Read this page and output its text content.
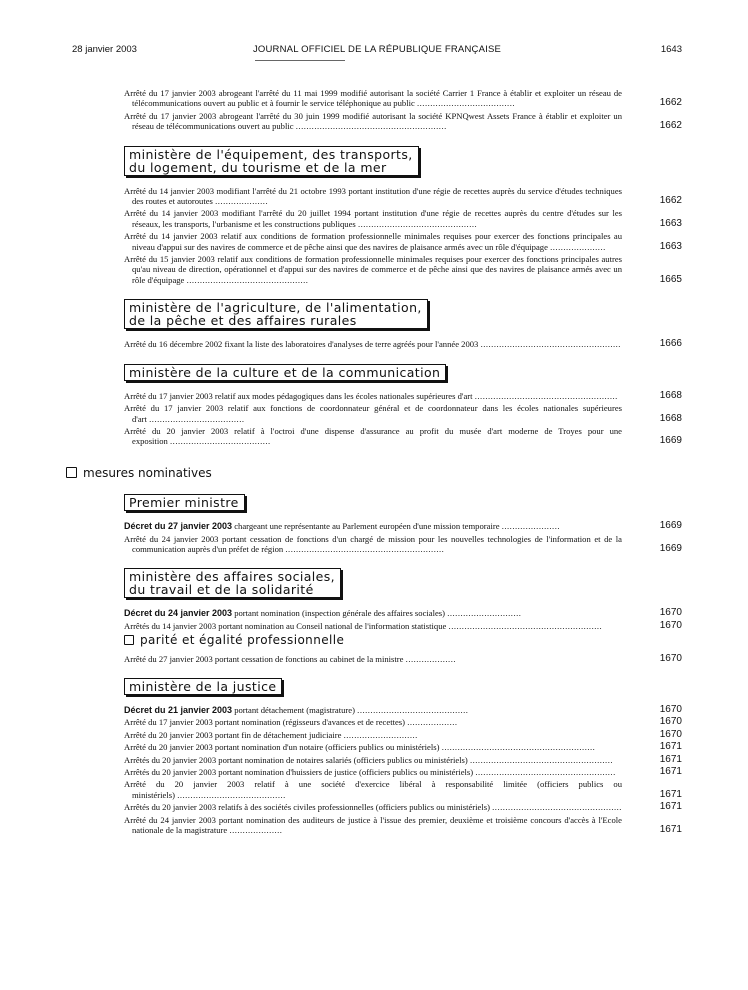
28 janvier 2003	JOURNAL OFFICIEL DE LA RÉPUBLIQUE FRANÇAISE	1643
Arrêté du 17 janvier 2003 abrogeant l'arrêté du 11 mai 1999 modifié autorisant la société Carrier 1 France à établir et exploiter un réseau de télécommunications ouvert au public et à fournir le service téléphonique au public .....................................	1662
Arrêté du 17 janvier 2003 abrogeant l'arrêté du 30 juin 1999 modifié autorisant la société KPNQwest Assets France à établir et exploiter un réseau de télécommunications ouvert au public .........................................................	1662
ministère de l'équipement, des transports,
du logement, du tourisme et de la mer
Arrêté du 14 janvier 2003 modifiant l'arrêté du 21 octobre 1993 portant institution d'une régie de recettes auprès du service d'études techniques des routes et autoroutes ....................	1662
Arrêté du 14 janvier 2003 modifiant l'arrêté du 20 juillet 1994 portant institution d'une régie de recettes auprès du centre d'études sur les réseaux, les transports, l'urbanisme et les constructions publiques .............................................	1663
Arrêté du 14 janvier 2003 relatif aux conditions de formation professionnelle minimales requises pour exercer des fonctions principales au niveau d'appui sur des navires de commerce et de pêche ainsi que des navires de plaisance armés avec un rôle d'équipage .....................	1663
Arrêté du 15 janvier 2003 relatif aux conditions de formation professionnelle minimales requises pour exercer des fonctions principales autres qu'au niveau de direction, opérationnel et d'appui sur des navires de commerce et de pêche ainsi que des navires de plaisance armés avec un rôle d'équipage ..............................................	1665
ministère de l'agriculture, de l'alimentation,
de la pêche et des affaires rurales
Arrêté du 16 décembre 2002 fixant la liste des laboratoires d'analyses de terre agréés pour l'année 2003 .....................................................	1666
ministère de la culture et de la communication
Arrêté du 17 janvier 2003 relatif aux modes pédagogiques dans les écoles nationales supérieures d'art ......................................................	1668
Arrêté du 17 janvier 2003 relatif aux fonctions de coordonnateur général et de coordonnateur dans les écoles nationales supérieures d'art ....................................	1668
Arrêté du 20 janvier 2003 relatif à l'octroi d'une dispense d'assurance au profit du musée d'art moderne de Troyes pour une exposition ......................................	1669
mesures nominatives
Premier ministre
Décret du 27 janvier 2003 chargeant une représentante au Parlement européen d'une mission temporaire ......................	1669
Arrêté du 24 janvier 2003 portant cessation de fonctions d'un chargé de mission pour les nouvelles technologies de l'information et de la communication auprès d'un préfet de région ............................................................	1669
ministère des affaires sociales,
du travail et de la solidarité
Décret du 24 janvier 2003 portant nomination (inspection générale des affaires sociales) ............................	1670
Arrêtés du 14 janvier 2003 portant nomination au Conseil national de l'information statistique ..........................................................	1670
parité et égalité professionnelle
Arrêté du 27 janvier 2003 portant cessation de fonctions au cabinet de la ministre ...................	1670
ministère de la justice
Décret du 21 janvier 2003 portant détachement (magistrature) ..........................................	1670
Arrêté du 17 janvier 2003 portant nomination (régisseurs d'avances et de recettes) ...................	1670
Arrêté du 20 janvier 2003 portant fin de détachement judiciaire ............................	1670
Arrêté du 20 janvier 2003 portant nomination d'un notaire (officiers publics ou ministériels) ..........................................................	1671
Arrêtés du 20 janvier 2003 portant nomination de notaires salariés (officiers publics ou ministériels) ......................................................	1671
Arrêtés du 20 janvier 2003 portant nomination d'huissiers de justice (officiers publics ou ministériels) .....................................................	1671
Arrêté du 20 janvier 2003 relatif à une société d'exercice libéral à responsabilité limitée (officiers publics ou ministériels) .........................................	1671
Arrêtés du 20 janvier 2003 relatifs à des sociétés civiles professionnelles (officiers publics ou ministériels) .................................................	1671
Arrêté du 24 janvier 2003 portant nomination des auditeurs de justice à l'issue des premier, deuxième et troisième concours d'accès à l'Ecole nationale de la magistrature ....................	1671
